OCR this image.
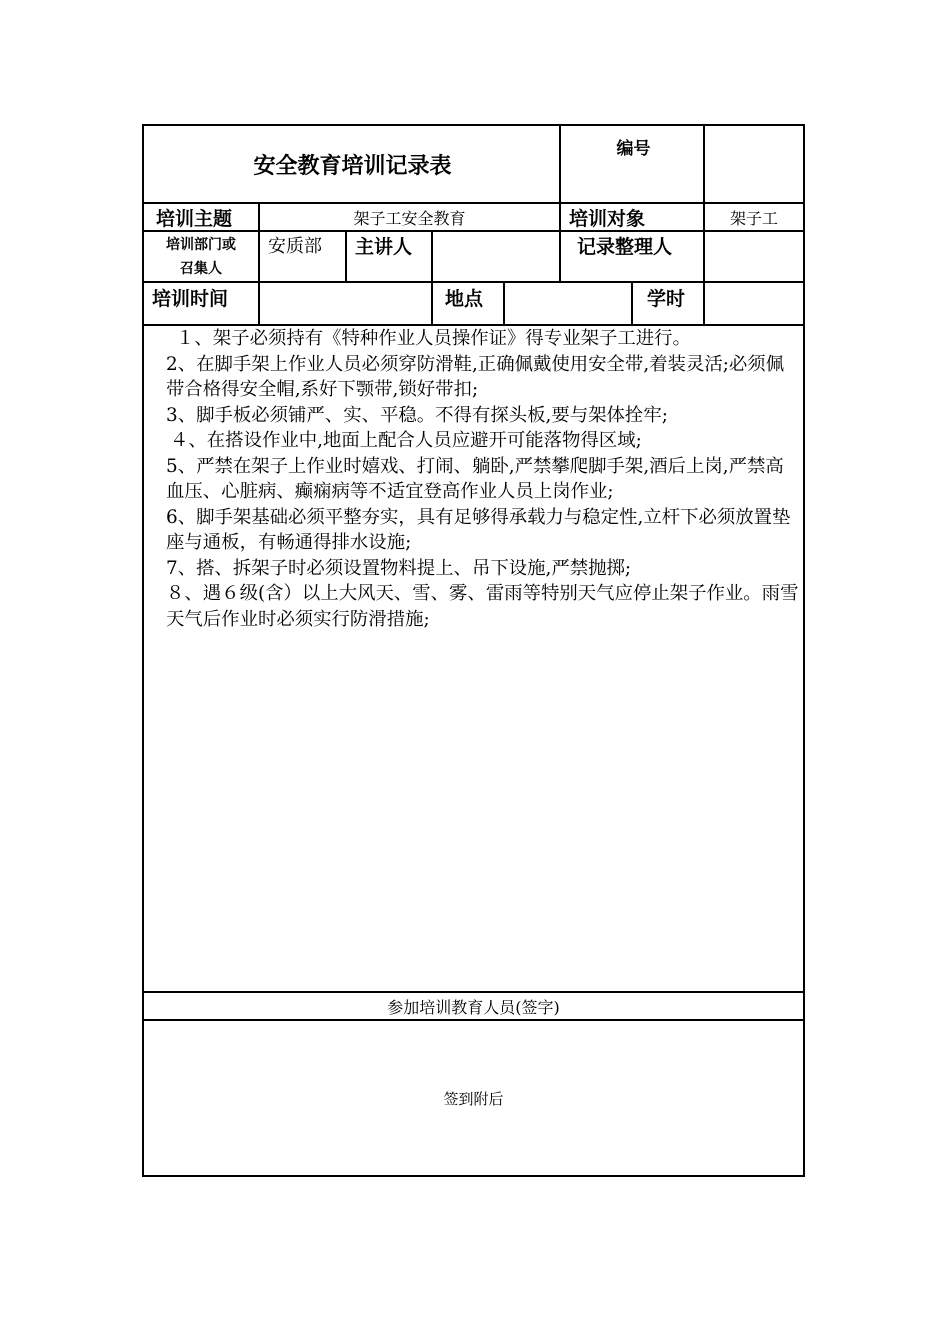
安全教育培训记录表
编号
培训主题	架子工安全教育	培训对象	架子工
培训部门或
召集人
安质部	主讲人	记录整理人
培训时间	地点	学时
１、架子必须持有《特种作业人员操作证》得专业架子工进行。
2、在脚手架上作业人员必须穿防滑鞋,正确佩戴使用安全带,着装灵活;必须佩带合格得安全帽,系好下颚带,锁好带扣;
3、脚手板必须铺严、实、平稳。不得有探头板,要与架体拴牢;
４、在搭设作业中,地面上配合人员应避开可能落物得区域;
5、严禁在架子上作业时嬉戏、打闹、躺卧,严禁攀爬脚手架,酒后上岗,严禁高血压、心脏病、癫痫病等不适宜登高作业人员上岗作业;
6、脚手架基础必须平整夯实，具有足够得承载力与稳定性,立杆下必须放置垫座与通板，有畅通得排水设施;
7、搭、拆架子时必须设置物料提上、吊下设施,严禁抛掷;
８、遇６级(含）以上大风天、雪、雾、雷雨等特别天气应停止架子作业。雨雪天气后作业时必须实行防滑措施;
参加培训教育人员(签字)
签到附后
